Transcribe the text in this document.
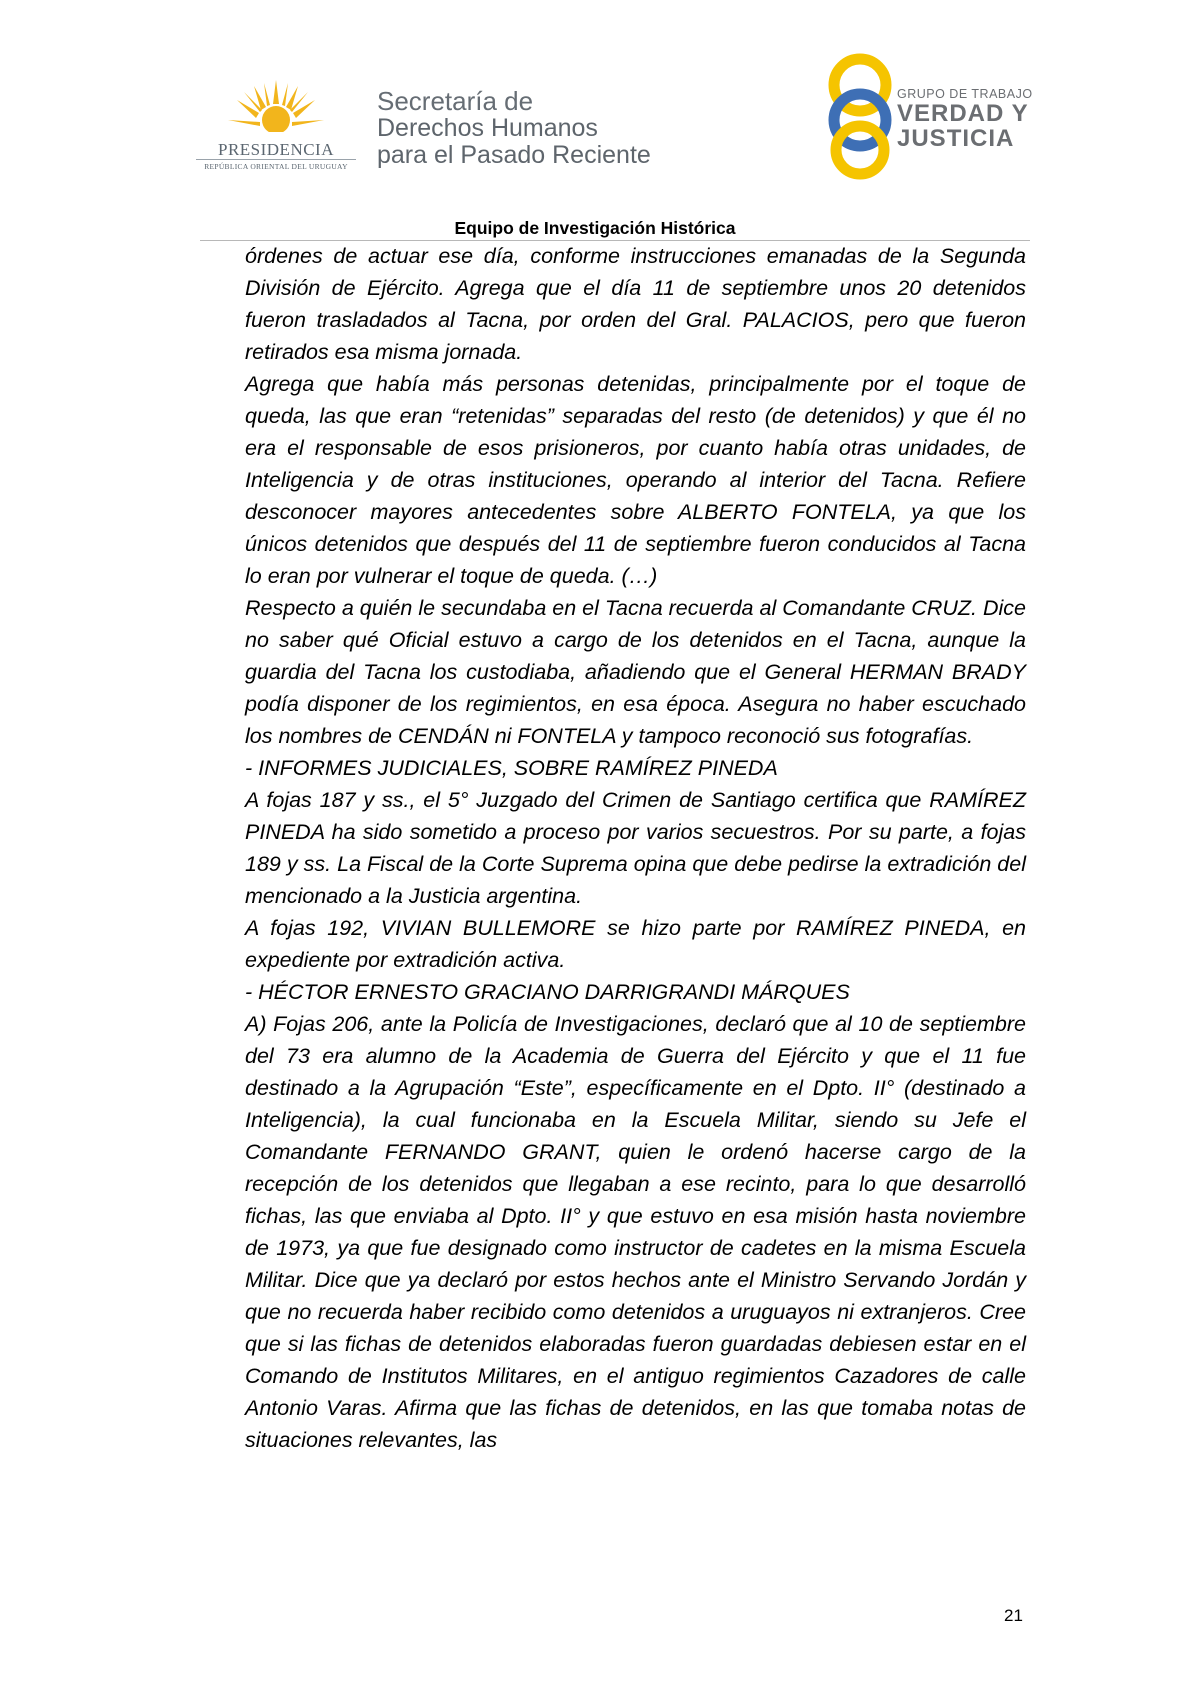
PRESIDENCIA
REPÚBLICA ORIENTAL DEL URUGUAY
Secretaría de
Derechos Humanos
para el Pasado Reciente
GRUPO DE TRABAJO
VERDAD Y
JUSTICIA
Equipo de Investigación Histórica

órdenes de actuar ese día, conforme instrucciones emanadas de la Segunda División de Ejército. Agrega que el día 11 de septiembre unos 20 detenidos fueron trasladados al Tacna, por orden del Gral. PALACIOS, pero que fueron retirados esa misma jornada.

Agrega que había más personas detenidas, principalmente por el toque de queda, las que eran “retenidas” separadas del resto (de detenidos) y que él no era el responsable de esos prisioneros, por cuanto había otras unidades, de Inteligencia y de otras instituciones, operando al interior del Tacna. Refiere desconocer mayores antecedentes sobre ALBERTO FONTELA, ya que los únicos detenidos que después del 11 de septiembre fueron conducidos al Tacna lo eran por vulnerar el toque de queda. (…)

Respecto a quién le secundaba en el Tacna recuerda al Comandante CRUZ. Dice no saber qué Oficial estuvo a cargo de los detenidos en el Tacna, aunque la guardia del Tacna los custodiaba, añadiendo que el General HERMAN BRADY podía disponer de los regimientos, en esa época. Asegura no haber escuchado los nombres de CENDÁN ni FONTELA y tampoco reconoció sus fotografías.

- INFORMES JUDICIALES, SOBRE RAMÍREZ PINEDA

A fojas 187 y ss., el 5° Juzgado del Crimen de Santiago certifica que RAMÍREZ PINEDA ha sido sometido a proceso por varios secuestros. Por su parte, a fojas 189 y ss. La Fiscal de la Corte Suprema opina que debe pedirse la extradición del mencionado a la Justicia argentina.

A fojas 192, VIVIAN BULLEMORE se hizo parte por RAMÍREZ PINEDA, en expediente por extradición activa.

- HÉCTOR ERNESTO GRACIANO DARRIGRANDI MÁRQUES

A) Fojas 206, ante la Policía de Investigaciones, declaró que al 10 de septiembre del 73 era alumno de la Academia de Guerra del Ejército y que el 11 fue destinado a la Agrupación “Este”, específicamente en el Dpto. II° (destinado a Inteligencia), la cual funcionaba en la Escuela Militar, siendo su Jefe el Comandante FERNANDO GRANT, quien le ordenó hacerse cargo de la recepción de los detenidos que llegaban a ese recinto, para lo que desarrolló fichas, las que enviaba al Dpto. II° y que estuvo en esa misión hasta noviembre de 1973, ya que fue designado como instructor de cadetes en la misma Escuela Militar. Dice que ya declaró por estos hechos ante el Ministro Servando Jordán y que no recuerda haber recibido como detenidos a uruguayos ni extranjeros. Cree que si las fichas de detenidos elaboradas fueron guardadas debiesen estar en el Comando de Institutos Militares, en el antiguo regimientos Cazadores de calle Antonio Varas. Afirma que las fichas de detenidos, en las que tomaba notas de situaciones relevantes, las

21
